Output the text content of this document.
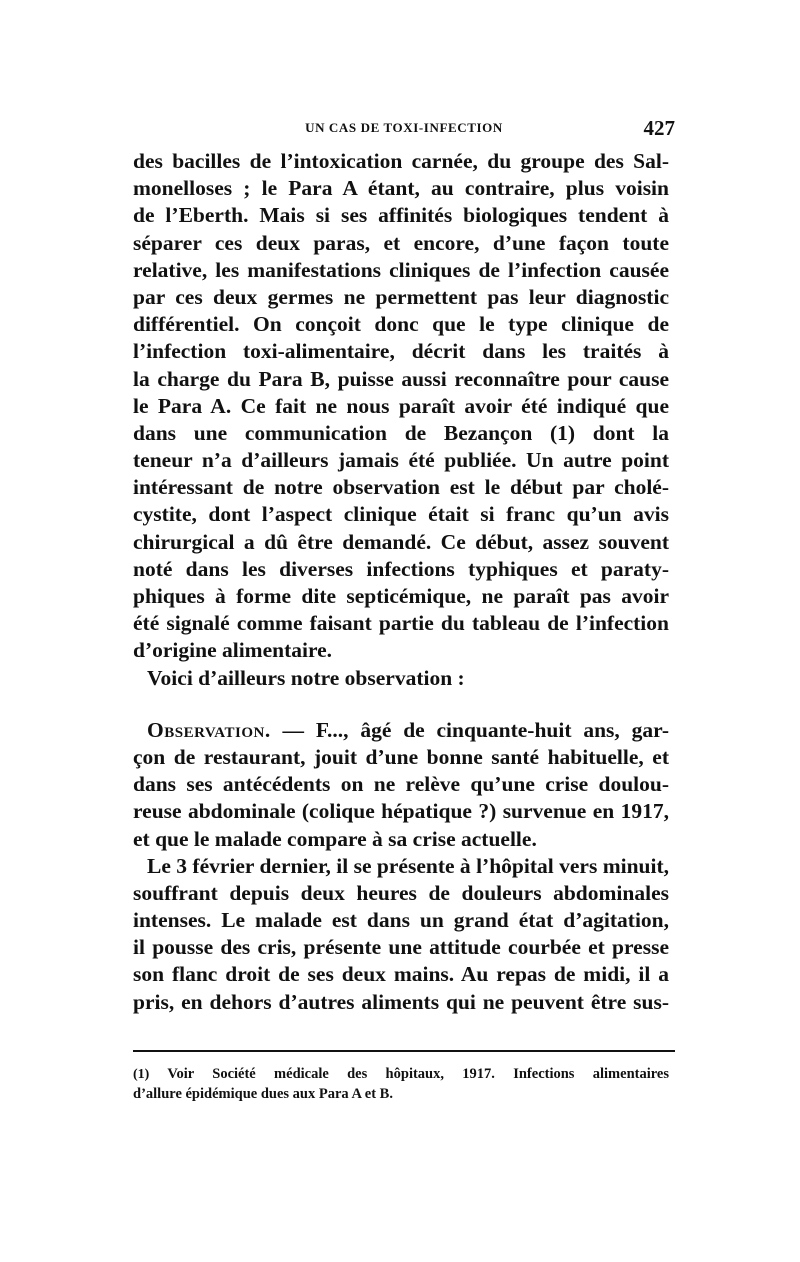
UN CAS DE TOXI-INFECTION	427
des bacilles de l’intoxication carnée, du groupe des Sal-
monelloses ; le Para A étant, au contraire, plus voisin
de l’Eberth. Mais si ses affinités biologiques tendent à
séparer ces deux paras, et encore, d’une façon toute
relative, les manifestations cliniques de l’infection causée
par ces deux germes ne permettent pas leur diagnostic
différentiel. On conçoit donc que le type clinique de
l’infection toxi-alimentaire, décrit dans les traités à
la charge du Para B, puisse aussi reconnaître pour cause
le Para A. Ce fait ne nous paraît avoir été indiqué que
dans une communication de Bezançon (1) dont la
teneur n’a d’ailleurs jamais été publiée. Un autre point
intéressant de notre observation est le début par cholé-
cystite, dont l’aspect clinique était si franc qu’un avis
chirurgical a dû être demandé. Ce début, assez souvent
noté dans les diverses infections typhiques et paraty-
phiques à forme dite septicémique, ne paraît pas avoir
été signalé comme faisant partie du tableau de l’infection
d’origine alimentaire.
Voici d’ailleurs notre observation :
Observation. — F..., âgé de cinquante-huit ans, gar-
çon de restaurant, jouit d’une bonne santé habituelle, et
dans ses antécédents on ne relève qu’une crise doulou-
reuse abdominale (colique hépatique ?) survenue en 1917,
et que le malade compare à sa crise actuelle.
Le 3 février dernier, il se présente à l’hôpital vers minuit,
souffrant depuis deux heures de douleurs abdominales
intenses. Le malade est dans un grand état d’agitation,
il pousse des cris, présente une attitude courbée et presse
son flanc droit de ses deux mains. Au repas de midi, il a
pris, en dehors d’autres aliments qui ne peuvent être sus-
(1) Voir Société médicale des hôpitaux, 1917. Infections alimentaires
d’allure épidémique dues aux Para A et B.
